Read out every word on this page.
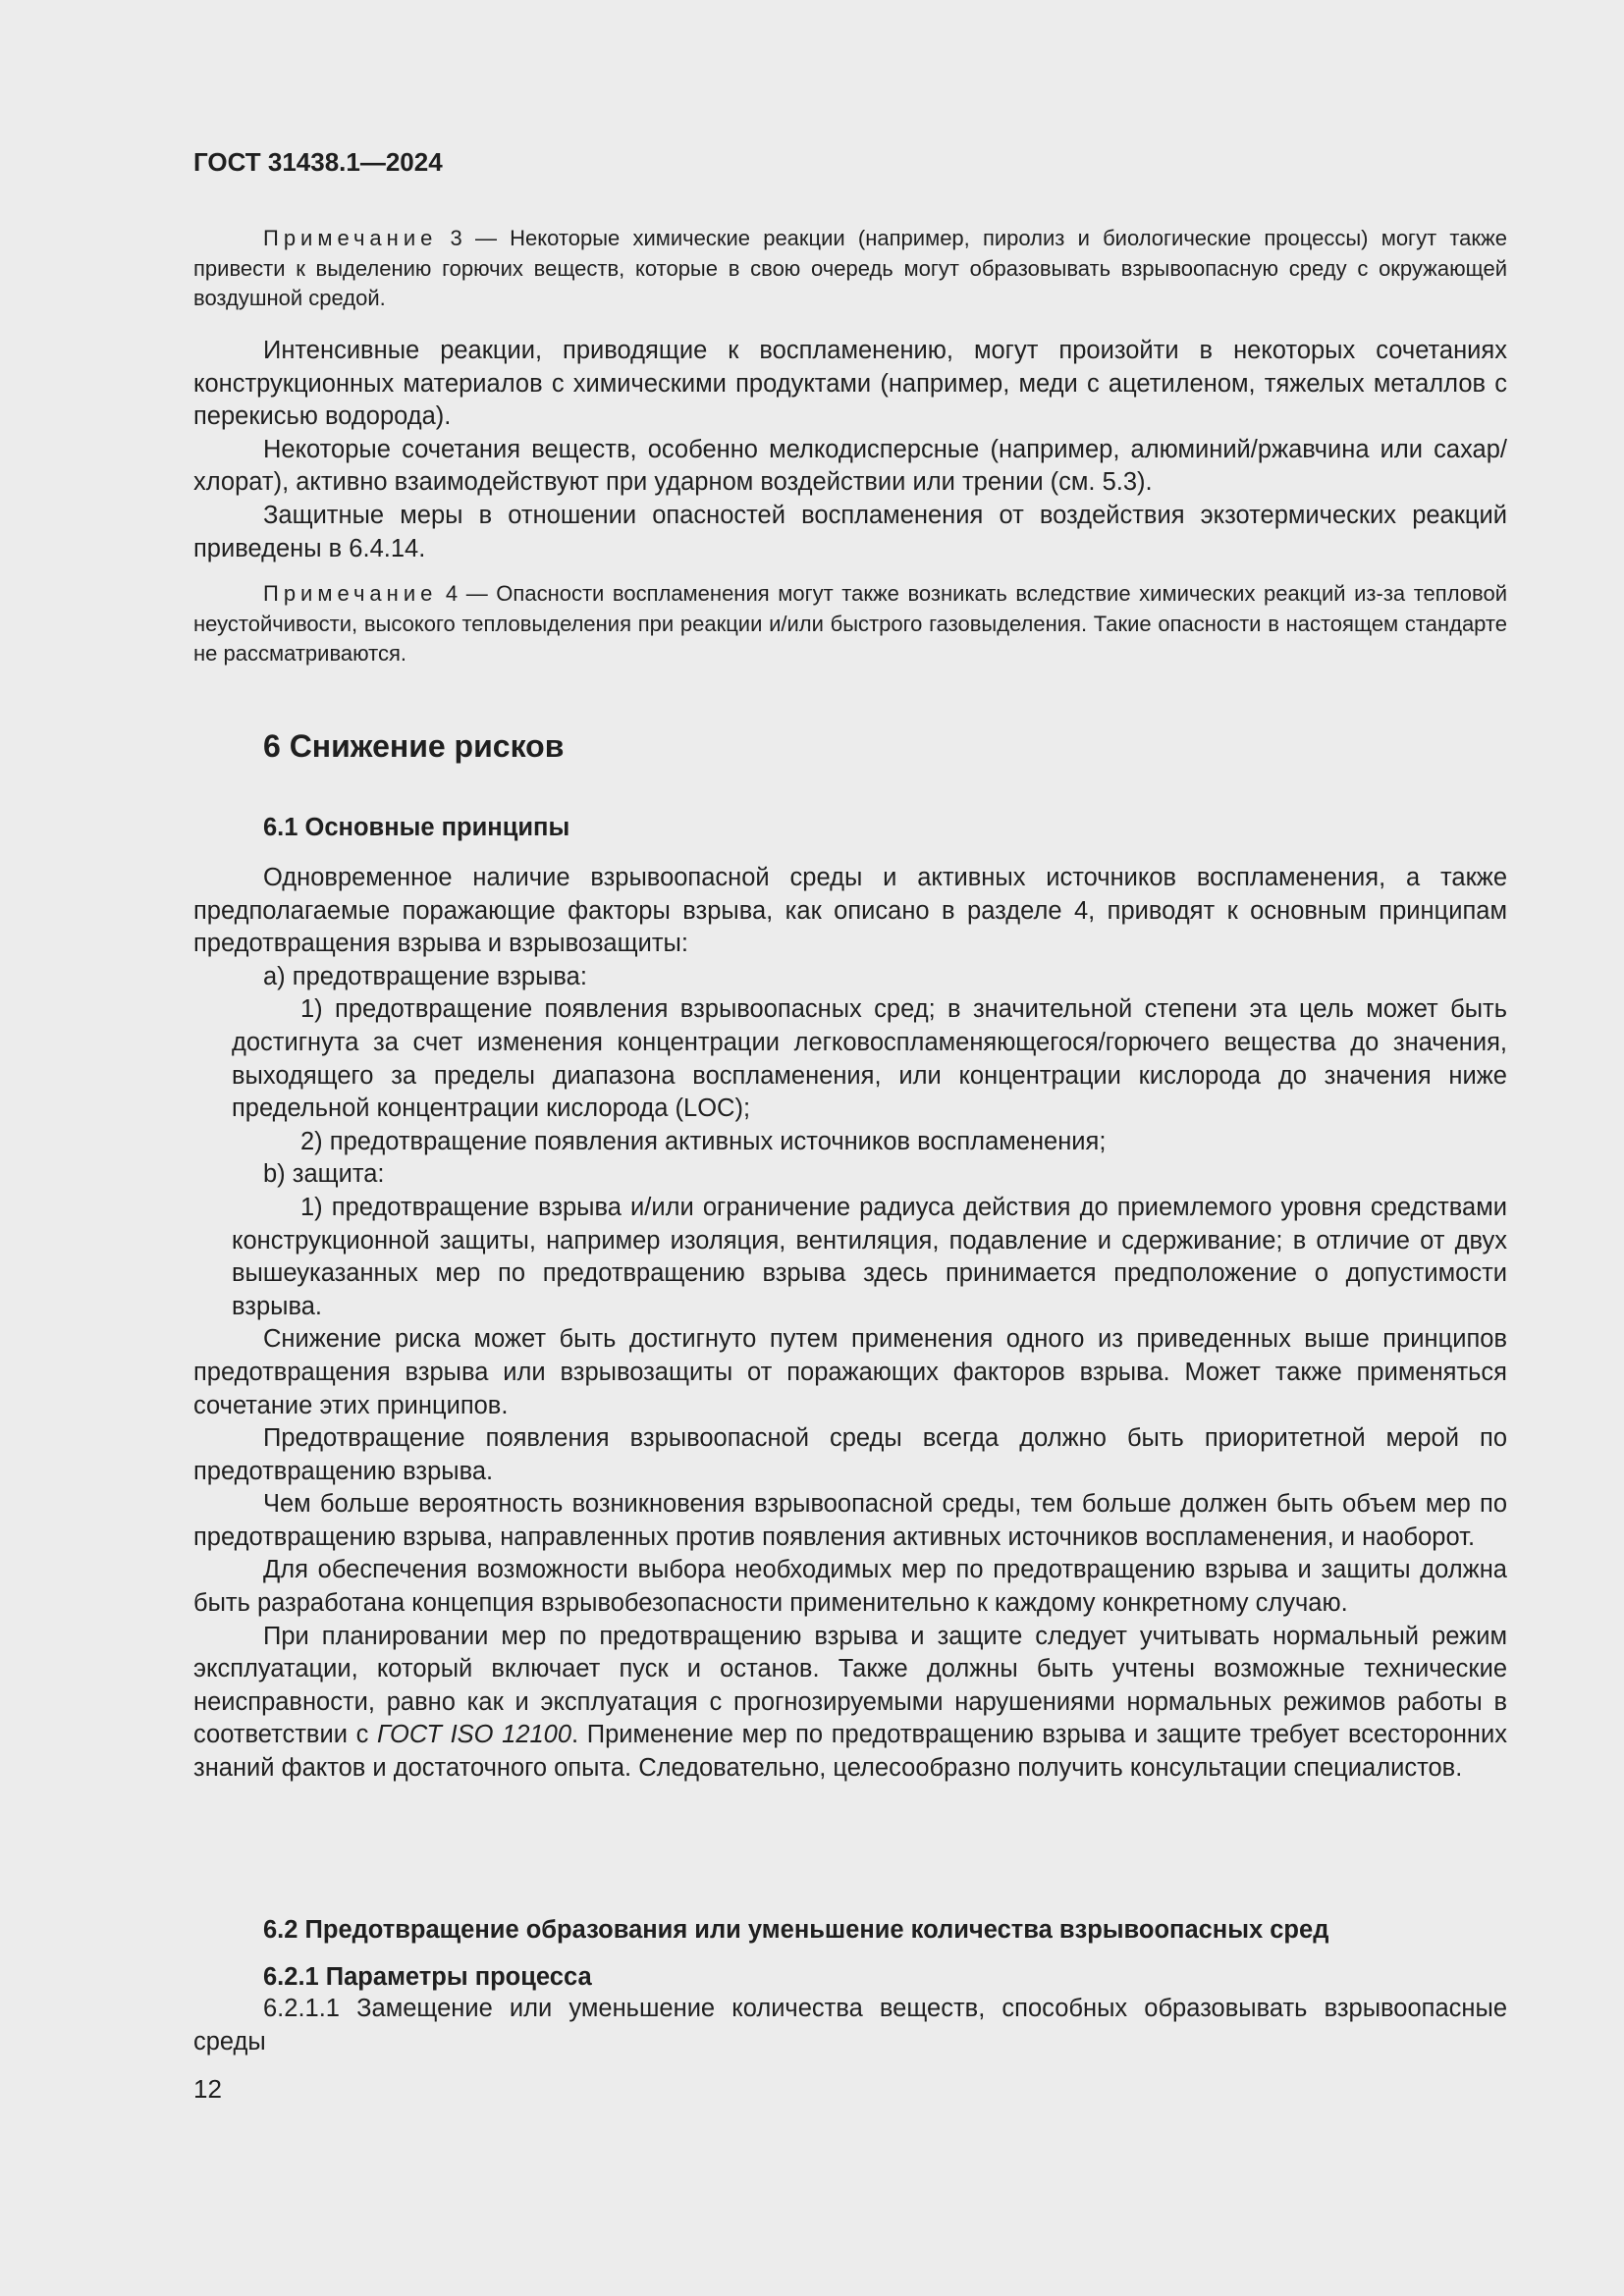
ГОСТ 31438.1—2024

Примечание 3 — Некоторые химические реакции (например, пиролиз и биологические процессы) могут также привести к выделению горючих веществ, которые в свою очередь могут образовывать взрывоопасную среду с окружающей воздушной средой.

Интенсивные реакции, приводящие к воспламенению, могут произойти в некоторых сочетаниях конструкционных материалов с химическими продуктами (например, меди с ацетиленом, тяжелых металлов с перекисью водорода).

Некоторые сочетания веществ, особенно мелкодисперсные (например, алюминий/ржавчина или сахар/хлорат), активно взаимодействуют при ударном воздействии или трении (см. 5.3).

Защитные меры в отношении опасностей воспламенения от воздействия экзотермических реакций приведены в 6.4.14.

Примечание 4 — Опасности воспламенения могут также возникать вследствие химических реакций из-за тепловой неустойчивости, высокого тепловыделения при реакции и/или быстрого газовыделения. Такие опасности в настоящем стандарте не рассматриваются.

6 Снижение рисков
6.1 Основные принципы

Одновременное наличие взрывоопасной среды и активных источников воспламенения, а также предполагаемые поражающие факторы взрыва, как описано в разделе 4, приводят к основным принципам предотвращения взрыва и взрывозащиты:

a) предотвращение взрыва:

1) предотвращение появления взрывоопасных сред; в значительной степени эта цель может быть достигнута за счет изменения концентрации легковоспламеняющегося/горючего вещества до значения, выходящего за пределы диапазона воспламенения, или концентрации кислорода до значения ниже предельной концентрации кислорода (LOC);

2) предотвращение появления активных источников воспламенения;

b) защита:

1) предотвращение взрыва и/или ограничение радиуса действия до приемлемого уровня средствами конструкционной защиты, например изоляция, вентиляция, подавление и сдерживание; в отличие от двух вышеуказанных мер по предотвращению взрыва здесь принимается предположение о допустимости взрыва.

Снижение риска может быть достигнуто путем применения одного из приведенных выше принципов предотвращения взрыва или взрывозащиты от поражающих факторов взрыва. Может также применяться сочетание этих принципов.

Предотвращение появления взрывоопасной среды всегда должно быть приоритетной мерой по предотвращению взрыва.

Чем больше вероятность возникновения взрывоопасной среды, тем больше должен быть объем мер по предотвращению взрыва, направленных против появления активных источников воспламенения, и наоборот.

Для обеспечения возможности выбора необходимых мер по предотвращению взрыва и защиты должна быть разработана концепция взрывобезопасности применительно к каждому конкретному случаю.

При планировании мер по предотвращению взрыва и защите следует учитывать нормальный режим эксплуатации, который включает пуск и останов. Также должны быть учтены возможные технические неисправности, равно как и эксплуатация с прогнозируемыми нарушениями нормальных режимов работы в соответствии с ГОСТ ISO 12100. Применение мер по предотвращению взрыва и защите требует всесторонних знаний фактов и достаточного опыта. Следовательно, целесообразно получить консультации специалистов.

6.2 Предотвращение образования или уменьшение количества взрывоопасных сред
6.2.1 Параметры процесса

6.2.1.1 Замещение или уменьшение количества веществ, способных образовывать взрывоопасные среды

12
